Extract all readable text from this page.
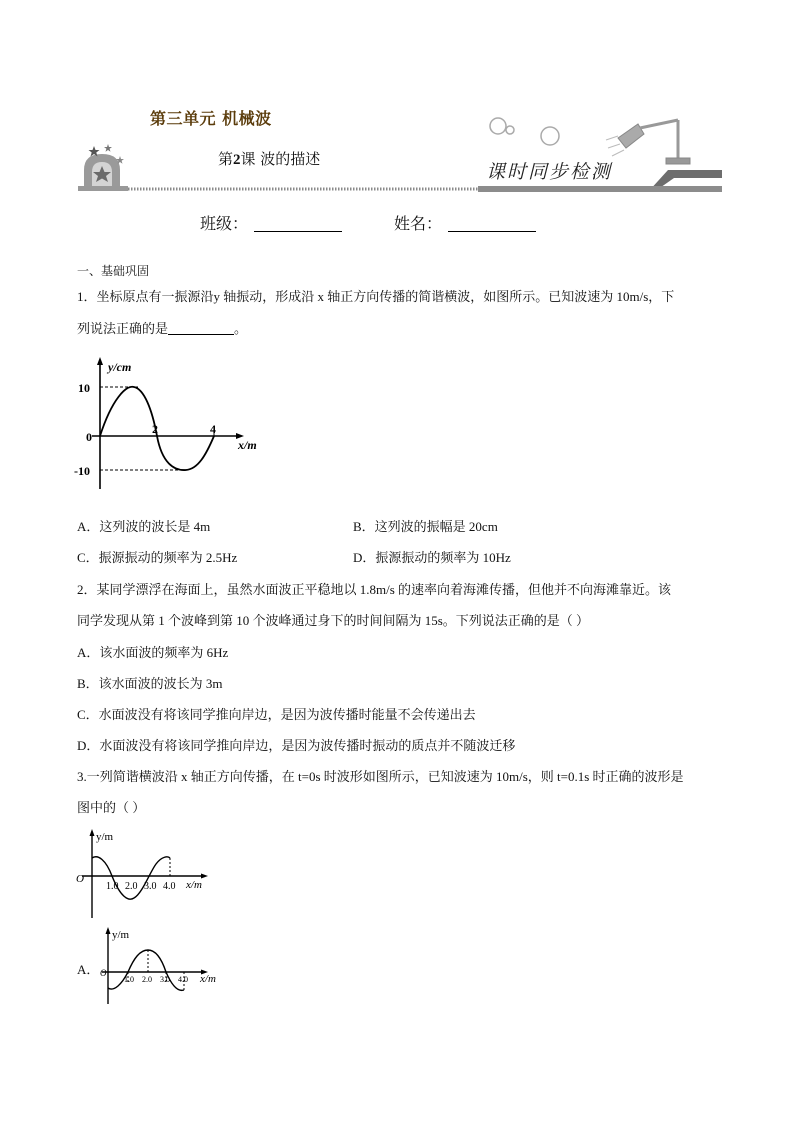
第三单元 机械波
第2课 波的描述
课时同步检测
班级：	姓名：
一、基础巩固
1．坐标原点有一振源沿y 轴振动，形成沿 x 轴正方向传播的简谐横波，如图所示。已知波速为 10m/s，下
列说法正确的是	。
y/cm
x/m
10
0
-10
2	4
A．这列波的波长是 4m	B．这列波的振幅是 20cm
C．振源振动的频率为 2.5Hz	D．振源振动的频率为 10Hz
2．某同学漂浮在海面上，虽然水面波正平稳地以 1.8m/s 的速率向着海滩传播，但他并不向海滩靠近。该
同学发现从第 1 个波峰到第 10 个波峰通过身下的时间间隔为 15s。下列说法正确的是（ ）
A．该水面波的频率为 6Hz
B．该水面波的波长为 3m
C．水面波没有将该同学推向岸边，是因为波传播时能量不会传递出去
D．水面波没有将该同学推向岸边，是因为波传播时振动的质点并不随波迁移
3.一列简谐横波沿 x 轴正方向传播，在 t=0s 时波形如图所示，已知波速为 10m/s，则 t=0.1s 时正确的波形是
图中的（ ）
y/m
x/m
O
1.0 2.0 3.0 4.0
A．
y/m
x/m
O
1.0 2.0 3.0 4.0
